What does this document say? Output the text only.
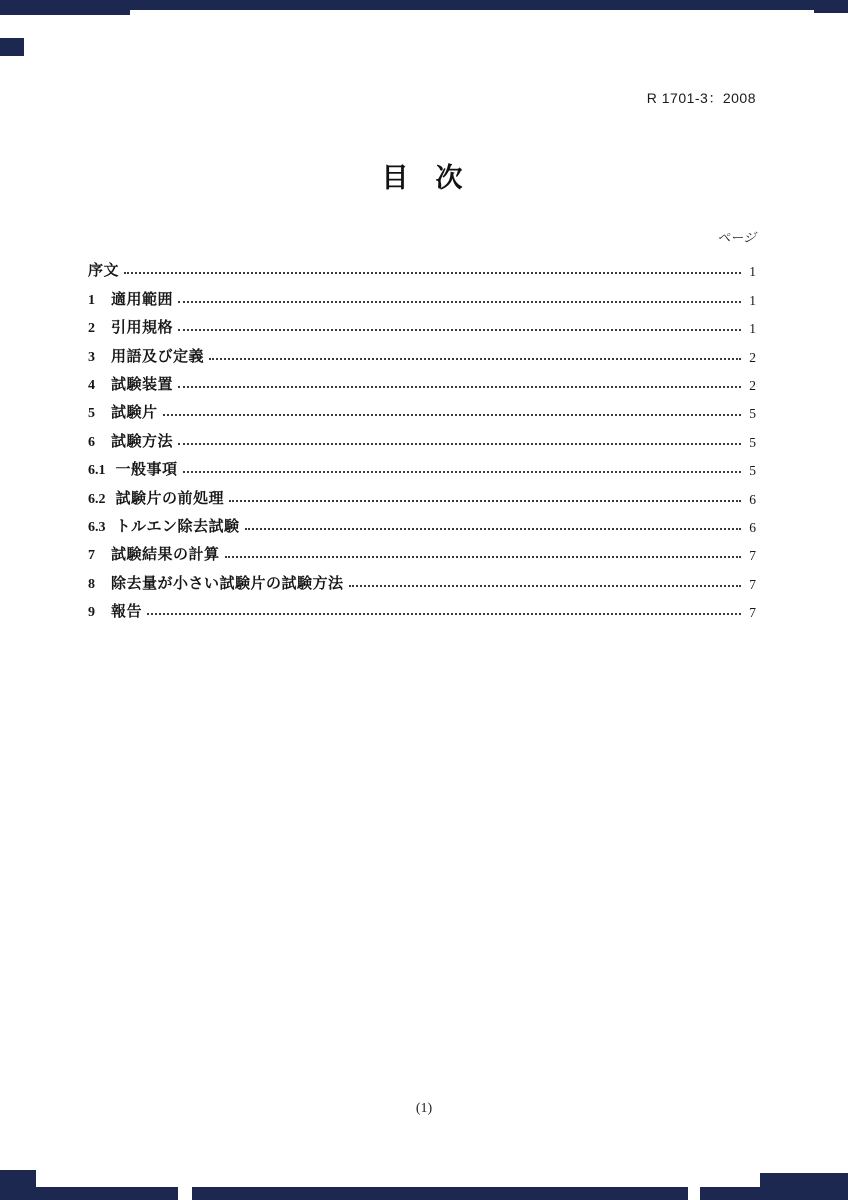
R 1701-3：2008
目　次
ページ
序文	1
1	適用範囲	1
2	引用規格	1
3	用語及び定義	2
4	試験装置	2
5	試験片	5
6	試験方法	5
6.1 一般事項	5
6.2 試験片の前処理	6
6.3 トルエン除去試験	6
7	試験結果の計算	7
8	除去量が小さい試験片の試験方法	7
9	報告	7
(1)
